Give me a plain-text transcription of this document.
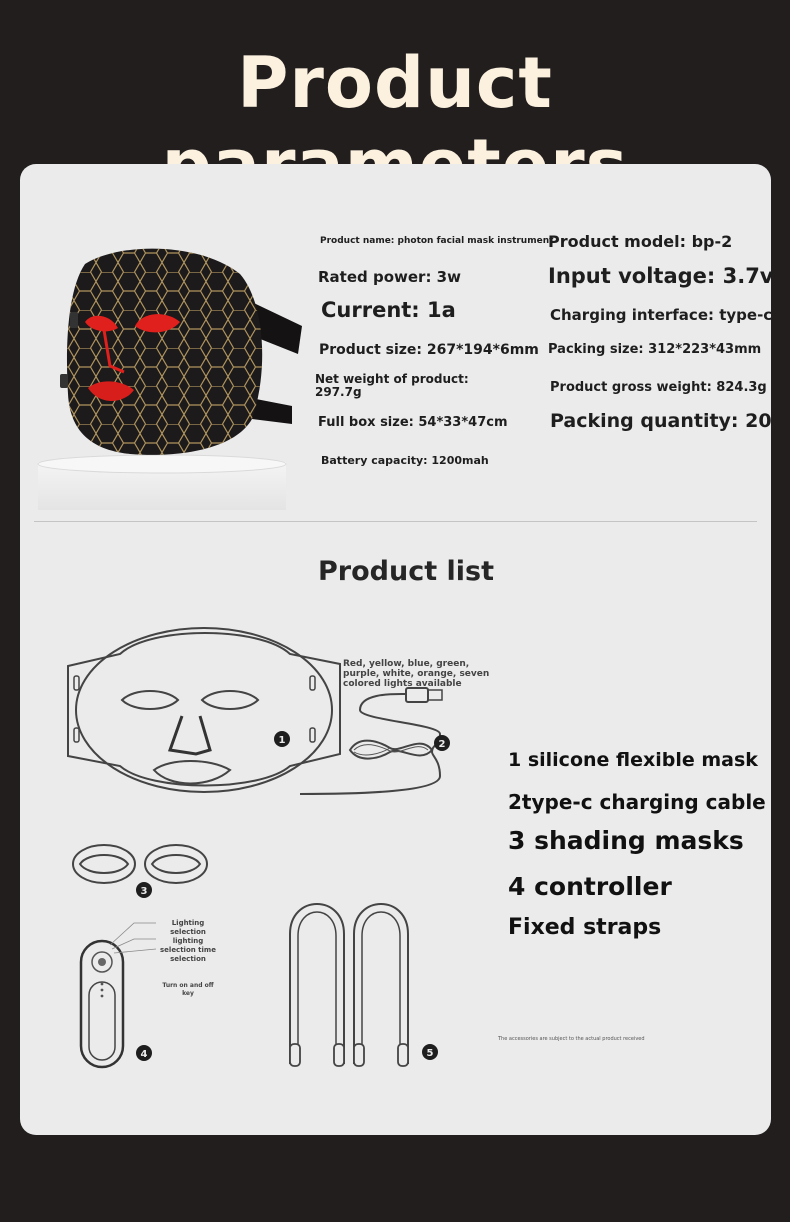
Product
Product name: photon facial mask instrument
Product model: bp-2
Rated power: 3w	Input voltage: 3.7v
Current: 1a	Charging interface: type-c
Product size: 267*194*6mm Packing size: 312*223*43mm
Net weight of product:
297.7g	Product gross weight: 824.3g
Full box size: 54*33*47cm Packing quantity: 20
Battery capacity: 1200mah
Product list
Red, yellow, blue, green,
purple, white, orange, seven
colored lights available
Lighting
selection
lighting
selection time
selection
Turn on and off
key
1	2
3
4	5
1 silicone flexible mask
2type-c charging cable
3 shading masks
4 controller
Fixed straps
The accessories are subject to the actual product received
